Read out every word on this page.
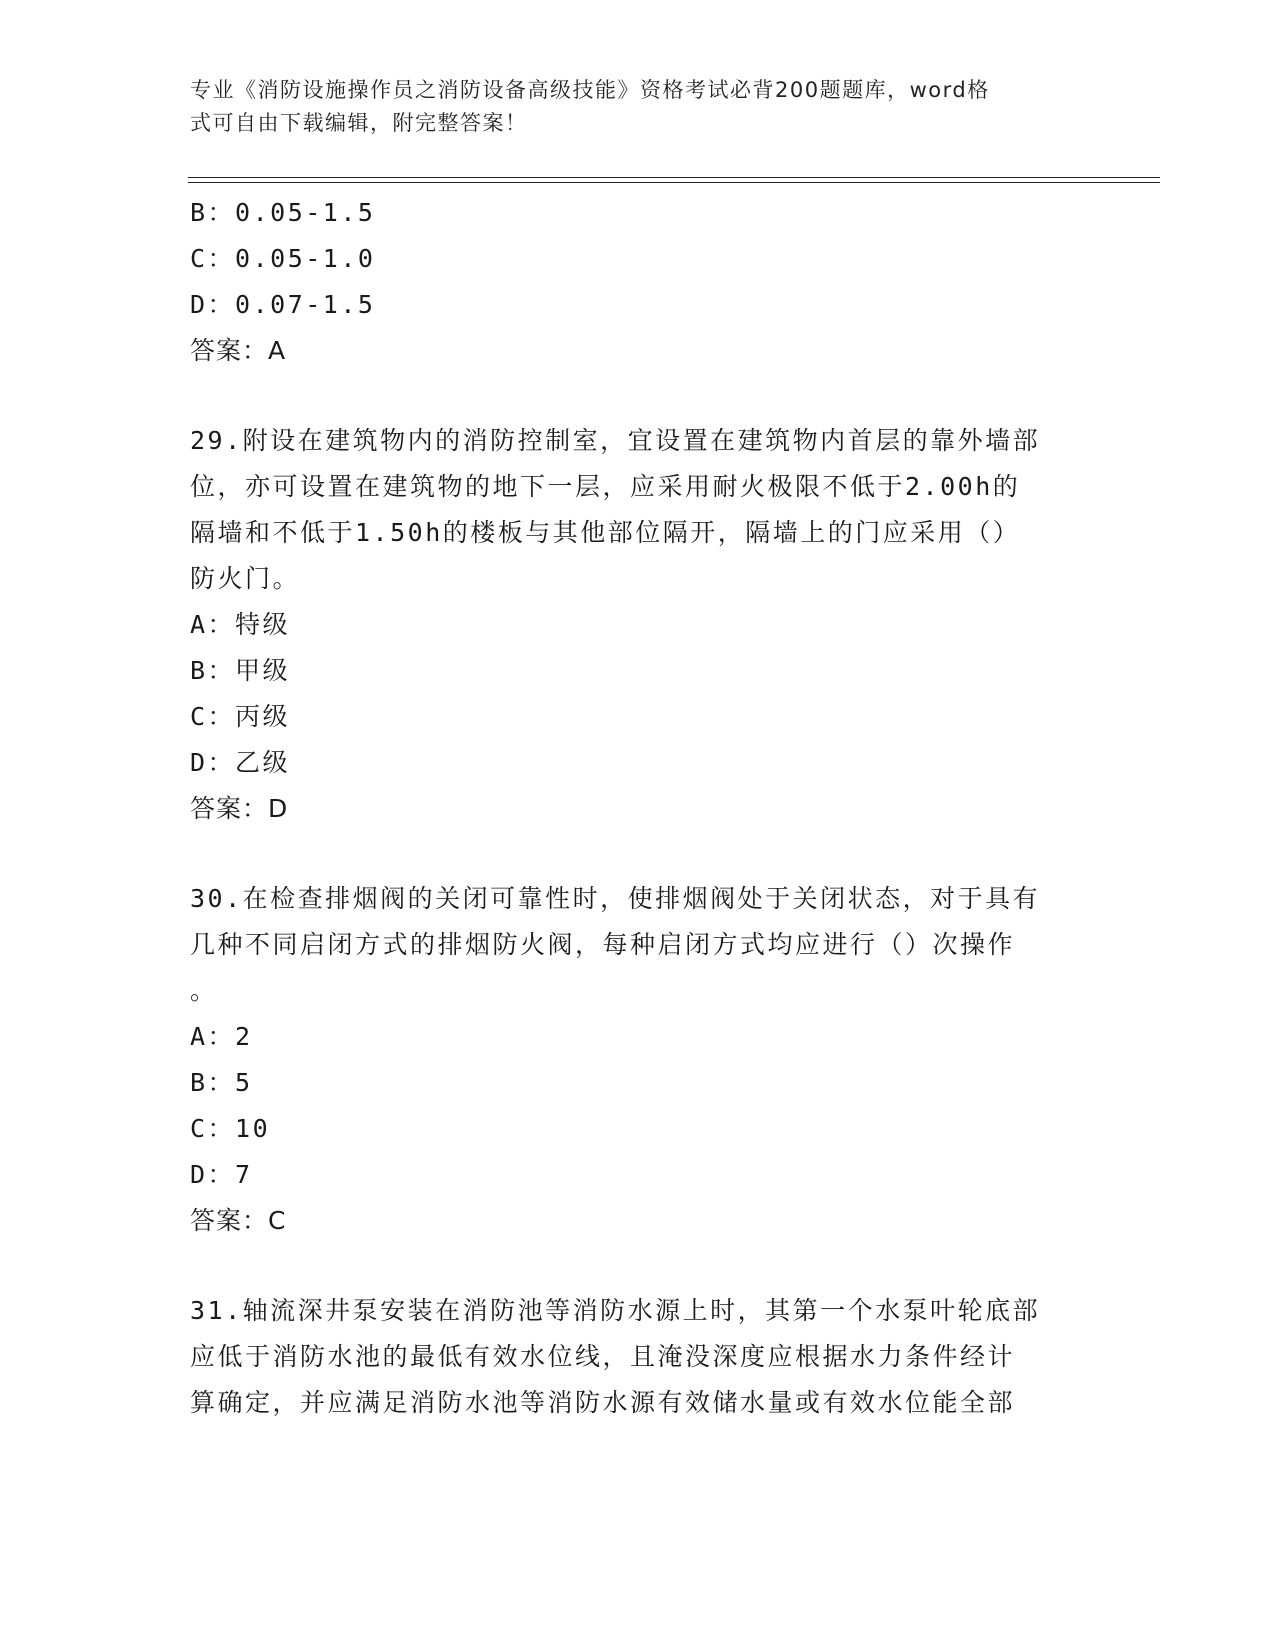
专业《消防设施操作员之消防设备高级技能》资格考试必背200题题库，word格
式可自由下载编辑，附完整答案！
B：0.05-1.5
C：0.05-1.0
D：0.07-1.5
答案：A
29.附设在建筑物内的消防控制室，宜设置在建筑物内首层的靠外墙部
位，亦可设置在建筑物的地下一层，应采用耐火极限不低于2.00h的
隔墙和不低于1.50h的楼板与其他部位隔开，隔墙上的门应采用（）
防火门。
A：特级
B：甲级
C：丙级
D：乙级
答案：D
30.在检查排烟阀的关闭可靠性时，使排烟阀处于关闭状态，对于具有
几种不同启闭方式的排烟防火阀，每种启闭方式均应进行（）次操作
。
A：2
B：5
C：10
D：7
答案：C
31.轴流深井泵安装在消防池等消防水源上时，其第一个水泵叶轮底部
应低于消防水池的最低有效水位线，且淹没深度应根据水力条件经计
算确定，并应满足消防水池等消防水源有效储水量或有效水位能全部
